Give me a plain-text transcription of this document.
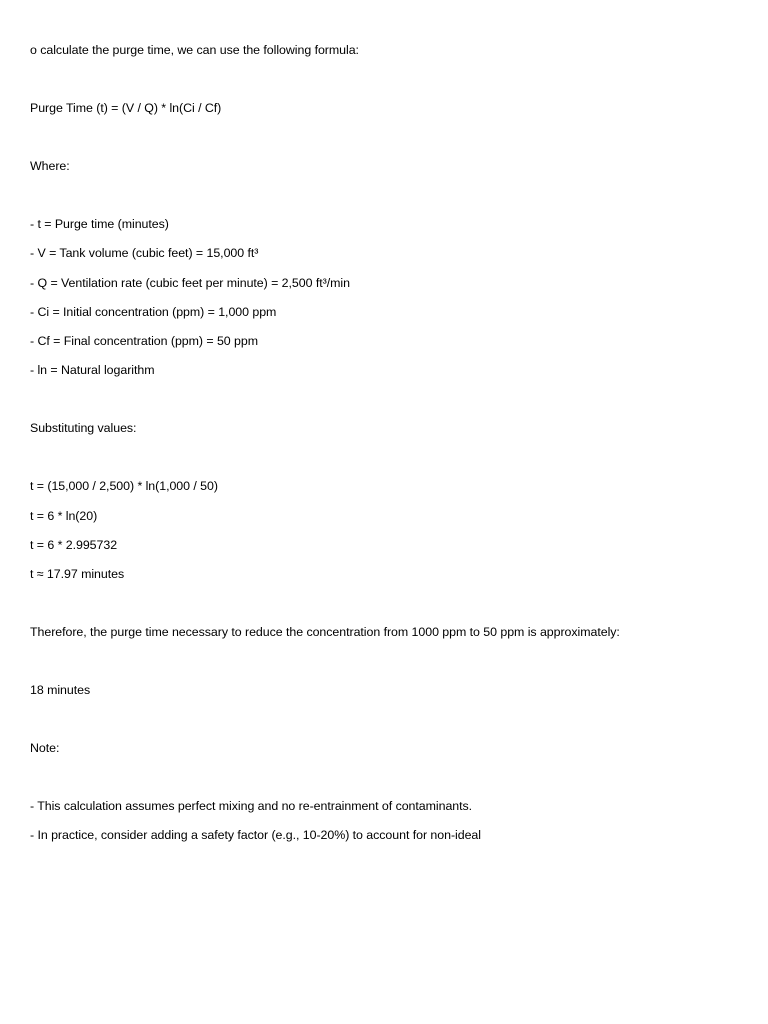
o calculate the purge time, we can use the following formula:

Purge Time (t) = (V / Q) * ln(Ci / Cf)

Where:

- t = Purge time (minutes)

- V = Tank volume (cubic feet) = 15,000 ft³

- Q = Ventilation rate (cubic feet per minute) = 2,500 ft³/min

- Ci = Initial concentration (ppm) = 1,000 ppm

- Cf = Final concentration (ppm) = 50 ppm

- ln = Natural logarithm

Substituting values:

t = (15,000 / 2,500) * ln(1,000 / 50)

t = 6 * ln(20)

t = 6 * 2.995732

t ≈ 17.97 minutes

Therefore, the purge time necessary to reduce the concentration from 1000 ppm to 50 ppm is approximately:

18 minutes

Note:

- This calculation assumes perfect mixing and no re-entrainment of contaminants.

- In practice, consider adding a safety factor (e.g., 10-20%) to account for non-ideal
